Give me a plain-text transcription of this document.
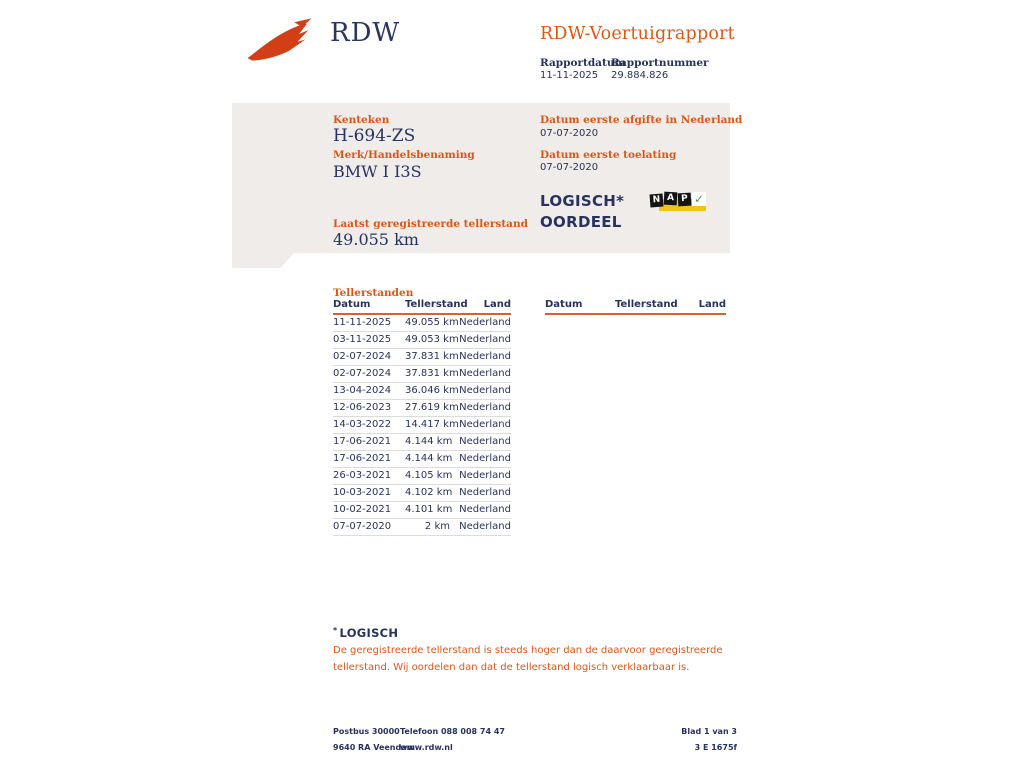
RDW	RDW-Voertuigrapport
Rapportdatum
Rapportnummer
11-11-2025 29.884.826
Kenteken
H-694-ZS
Merk/Handelsbenaming
BMW I I3S
Laatst geregistreerde tellerstand
49.055 km
Datum eerste afgifte in Nederland
07-07-2020
Datum eerste toelating
07-07-2020
LOGISCH*
OORDEEL
N A P ✓
Tellerstanden
Datum	Tellerstand	Land
11-11-2025	49.055 km	Nederland
03-11-2025	49.053 km	Nederland
02-07-2024	37.831 km	Nederland
02-07-2024	37.831 km	Nederland
13-04-2024	36.046 km	Nederland
12-06-2023	27.619 km	Nederland
14-03-2022	14.417 km	Nederland
17-06-2021	4.144 km	Nederland
17-06-2021	4.144 km	Nederland
26-03-2021	4.105 km	Nederland
10-03-2021	4.102 km	Nederland
10-02-2021	4.101 km	Nederland
07-07-2020	2 km	Nederland
Datum	Tellerstand	Land
* LOGISCH
De geregistreerde tellerstand is steeds hoger dan de daarvoor geregistreerde tellerstand. Wij oordelen dan dat de tellerstand logisch verklaarbaar is.
Postbus 30000
9640 RA Veendam
Telefoon 088 008 74 47
www.rdw.nl
Blad 1 van 3
3 E 1675f
